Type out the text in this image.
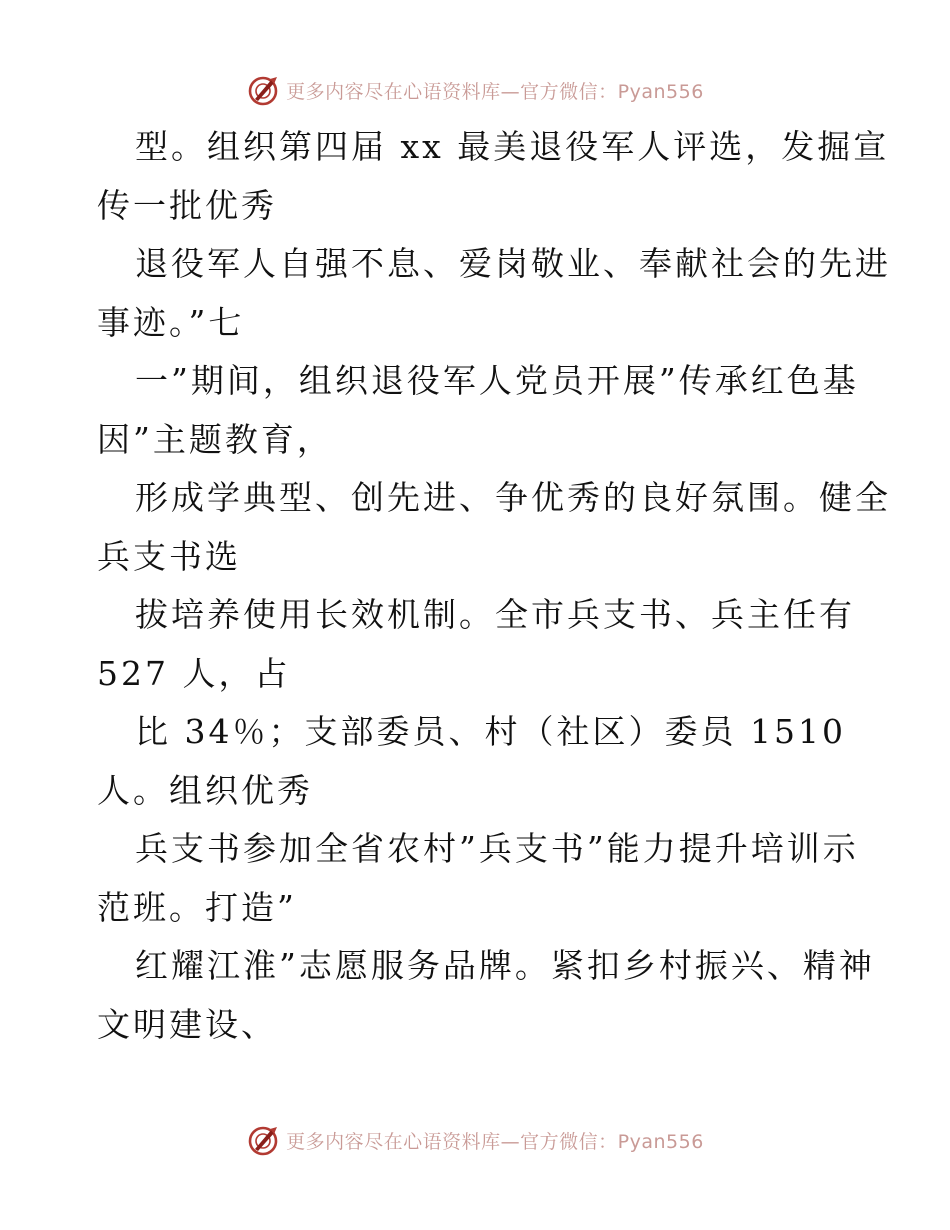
更多内容尽在心语资料库—官方微信：Pyan556
型。组织第四届 xx 最美退役军人评选，发掘宣
传一批优秀
退役军人自强不息、爱岗敬业、奉献社会的先进
事迹。”七
一”期间，组织退役军人党员开展”传承红色基
因”主题教育，
形成学典型、创先进、争优秀的良好氛围。健全
兵支书选
拔培养使用长效机制。全市兵支书、兵主任有
527 人，占
比 34％；支部委员、村（社区）委员 1510
人。组织优秀
兵支书参加全省农村”兵支书”能力提升培训示
范班。打造”
红耀江淮”志愿服务品牌。紧扣乡村振兴、精神
文明建设、
更多内容尽在心语资料库—官方微信：Pyan556
